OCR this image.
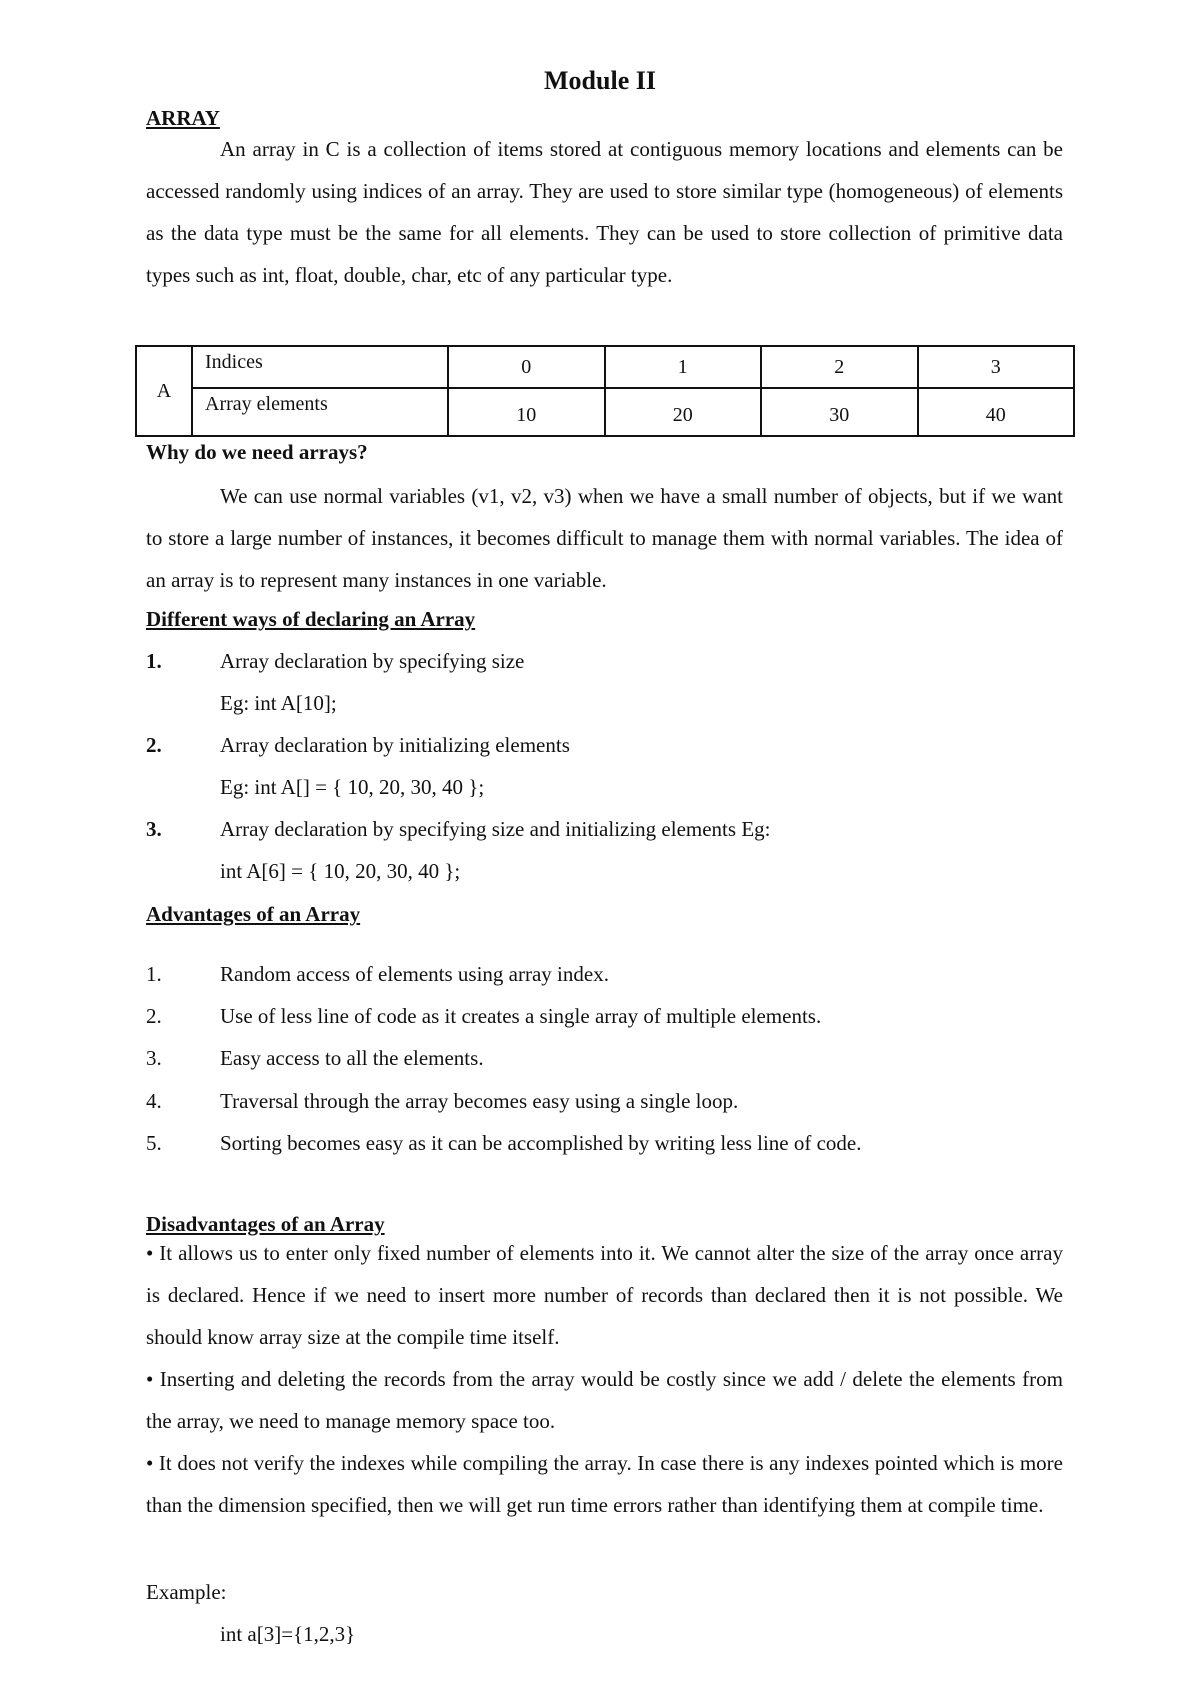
Module II
ARRAY
An array in C is a collection of items stored at contiguous memory locations and elements can be accessed randomly using indices of an array. They are used to store similar type (homogeneous) of elements as the data type must be the same for all elements. They can be used to store collection of primitive data types such as int, float, double, char, etc of any particular type.
A	Indices	0	1	2	3
	Array elements	10	20	30	40
Why do we need arrays?
We can use normal variables (v1, v2, v3) when we have a small number of objects, but if we want to store a large number of instances, it becomes difficult to manage them with normal variables. The idea of an array is to represent many instances in one variable.
Different ways of declaring an Array
1.	Array declaration by specifying size
Eg: int A[10];
2.	Array declaration by initializing elements
Eg: int A[] = { 10, 20, 30, 40 };
3.	Array declaration by specifying size and initializing elements Eg:
int A[6] = { 10, 20, 30, 40 };
Advantages of an Array
1.	Random access of elements using array index.
2.	Use of less line of code as it creates a single array of multiple elements.
3.	Easy access to all the elements.
4.	Traversal through the array becomes easy using a single loop.
5.	Sorting becomes easy as it can be accomplished by writing less line of code.
Disadvantages of an Array
• It allows us to enter only fixed number of elements into it. We cannot alter the size of the array once array is declared. Hence if we need to insert more number of records than declared then it is not possible. We should know array size at the compile time itself.
• Inserting and deleting the records from the array would be costly since we add / delete the elements from the array, we need to manage memory space too.
• It does not verify the indexes while compiling the array. In case there is any indexes pointed which is more than the dimension specified, then we will get run time errors rather than identifying them at compile time.
Example:
int a[3]={1,2,3}
